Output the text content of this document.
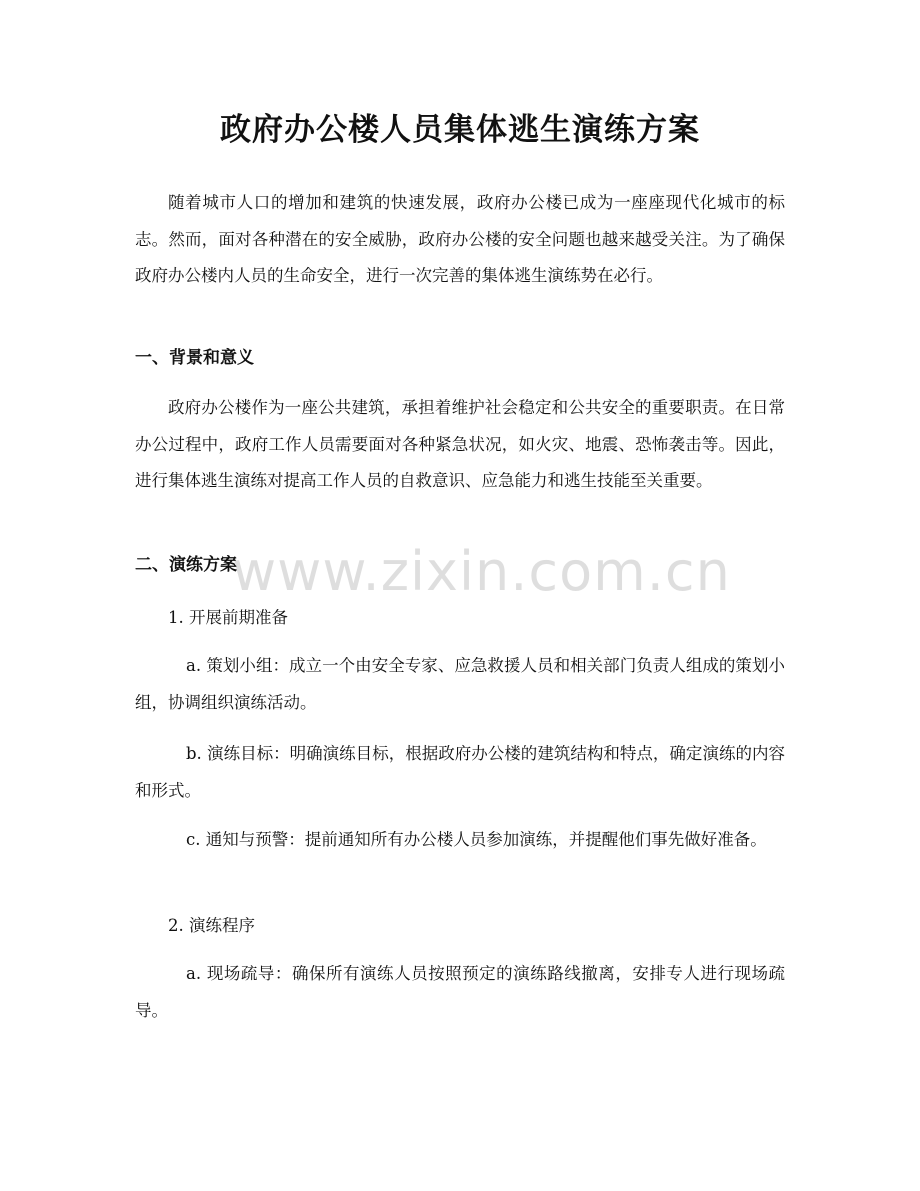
政府办公楼人员集体逃生演练方案

随着城市人口的增加和建筑的快速发展，政府办公楼已成为一座座现代化城市的标志。然而，面对各种潜在的安全威胁，政府办公楼的安全问题也越来越受关注。为了确保政府办公楼内人员的生命安全，进行一次完善的集体逃生演练势在必行。

一、背景和意义

政府办公楼作为一座公共建筑，承担着维护社会稳定和公共安全的重要职责。在日常办公过程中，政府工作人员需要面对各种紧急状况，如火灾、地震、恐怖袭击等。因此，进行集体逃生演练对提高工作人员的自救意识、应急能力和逃生技能至关重要。

二、演练方案

1. 开展前期准备

a. 策划小组：成立一个由安全专家、应急救援人员和相关部门负责人组成的策划小组，协调组织演练活动。

b. 演练目标：明确演练目标，根据政府办公楼的建筑结构和特点，确定演练的内容和形式。

c. 通知与预警：提前通知所有办公楼人员参加演练，并提醒他们事先做好准备。

2. 演练程序

a. 现场疏导：确保所有演练人员按照预定的演练路线撤离，安排专人进行现场疏导。

www.zixin.com.cn
